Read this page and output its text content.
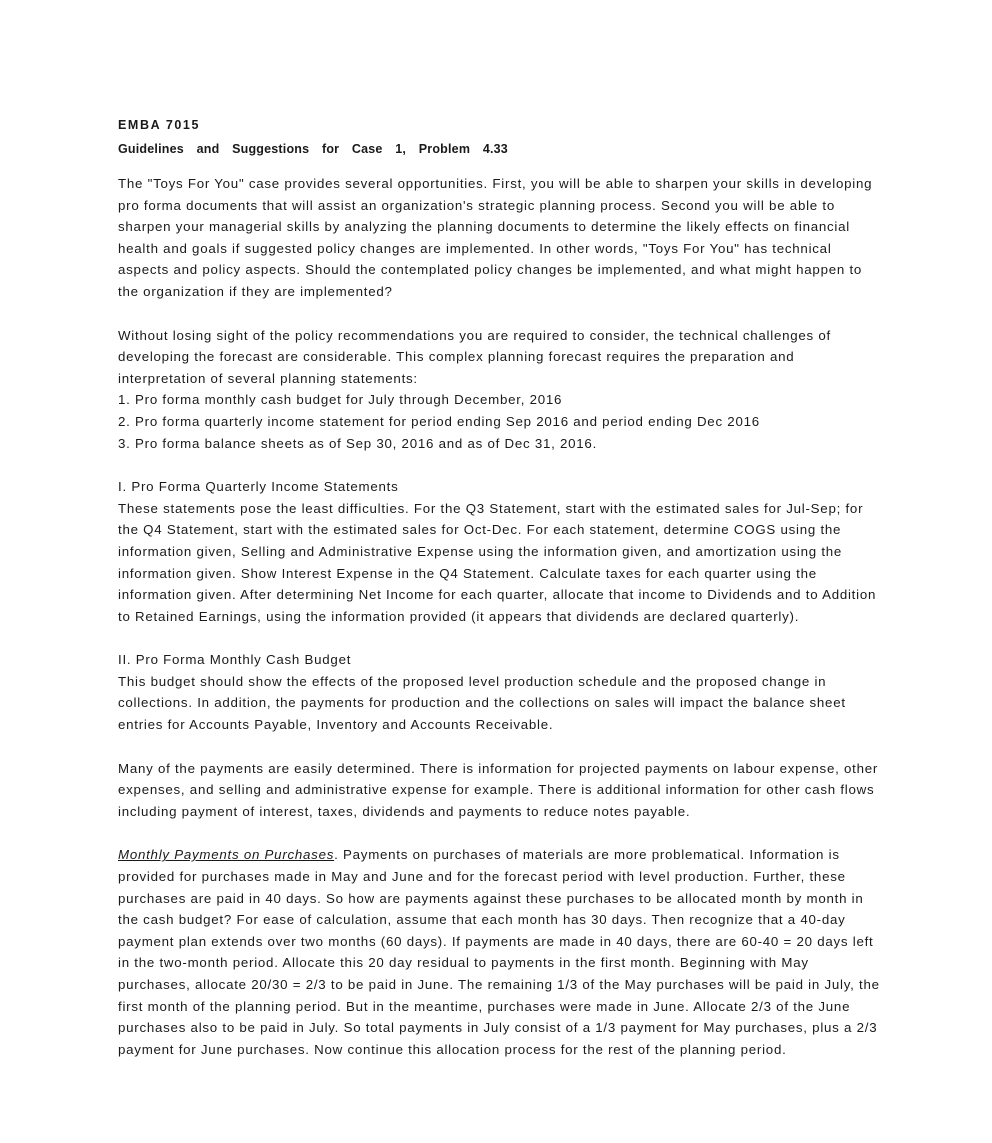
EMBA 7015
Guidelines and Suggestions for Case 1, Problem 4.33

The "Toys For You" case provides several opportunities. First, you will be able to sharpen your skills in developing pro forma documents that will assist an organization's strategic planning process. Second you will be able to sharpen your managerial skills by analyzing the planning documents to determine the likely effects on financial health and goals if suggested policy changes are implemented. In other words, "Toys For You" has technical aspects and policy aspects. Should the contemplated policy changes be implemented, and what might happen to the organization if they are implemented?

Without losing sight of the policy recommendations you are required to consider, the technical challenges of developing the forecast are considerable. This complex planning forecast requires the preparation and interpretation of several planning statements:

1. Pro forma monthly cash budget for July through December, 2016

2. Pro forma quarterly income statement for period ending Sep 2016 and period ending Dec 2016

3. Pro forma balance sheets as of Sep 30, 2016 and as of Dec 31, 2016.

I. Pro Forma Quarterly Income Statements

These statements pose the least difficulties. For the Q3 Statement, start with the estimated sales for Jul-Sep; for the Q4 Statement, start with the estimated sales for Oct-Dec. For each statement, determine COGS using the information given, Selling and Administrative Expense using the information given, and amortization using the information given. Show Interest Expense in the Q4 Statement. Calculate taxes for each quarter using the information given. After determining Net Income for each quarter, allocate that income to Dividends and to Addition to Retained Earnings, using the information provided (it appears that dividends are declared quarterly).

II. Pro Forma Monthly Cash Budget

This budget should show the effects of the proposed level production schedule and the proposed change in collections. In addition, the payments for production and the collections on sales will impact the balance sheet entries for Accounts Payable, Inventory and Accounts Receivable.

Many of the payments are easily determined. There is information for projected payments on labour expense, other expenses, and selling and administrative expense for example. There is additional information for other cash flows including payment of interest, taxes, dividends and payments to reduce notes payable.

Monthly Payments on Purchases. Payments on purchases of materials are more problematical. Information is provided for purchases made in May and June and for the forecast period with level production. Further, these purchases are paid in 40 days. So how are payments against these purchases to be allocated month by month in the cash budget? For ease of calculation, assume that each month has 30 days. Then recognize that a 40-day payment plan extends over two months (60 days). If payments are made in 40 days, there are 60-40 = 20 days left in the two-month period. Allocate this 20 day residual to payments in the first month. Beginning with May purchases, allocate 20/30 = 2/3 to be paid in June. The remaining 1/3 of the May purchases will be paid in July, the first month of the planning period. But in the meantime, purchases were made in June. Allocate 2/3 of the June purchases also to be paid in July. So total payments in July consist of a 1/3 payment for May purchases, plus a 2/3 payment for June purchases. Now continue this allocation process for the rest of the planning period.
